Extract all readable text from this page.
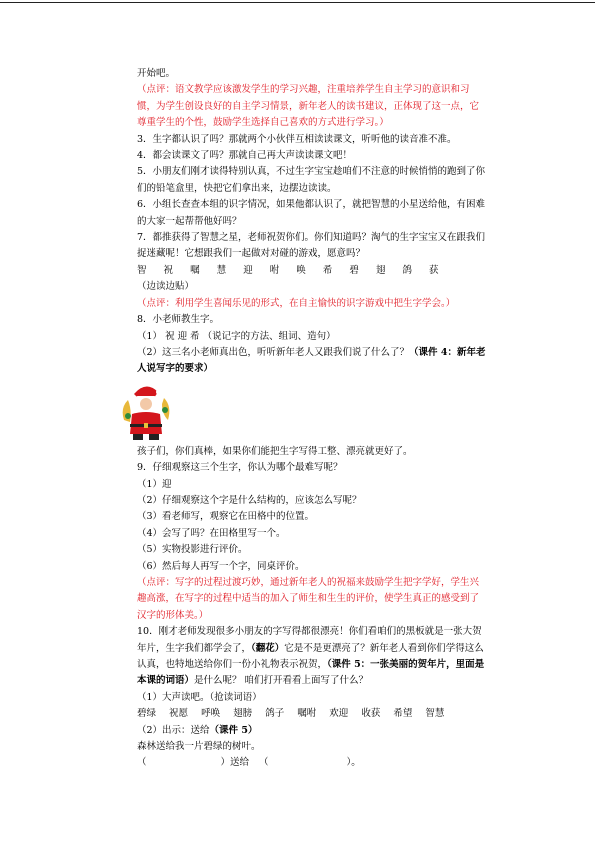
开始吧。

（点评：语文教学应该激发学生的学习兴趣，注重培养学生自主学习的意识和习惯，为学生创设良好的自主学习情景，新年老人的读书建议，正体现了这一点，它尊重学生的个性，鼓励学生选择自己喜欢的方式进行学习。）

3．生字都认识了吗？那就两个小伙伴互相读读课文，听听他的读音准不准。

4．都会读课文了吗？那就自己再大声读读课文吧！

5．小朋友们刚才读得特别认真，不过生字宝宝趁咱们不注意的时候悄悄的跑到了你们的铅笔盒里，快把它们拿出来，边摆边读读。

6．小组长查查本组的识字情况，如果他都认识了，就把智慧的小星送给他，有困难的大家一起帮帮他好吗？

7．都推获得了智慧之星，老师祝贺你们。你们知道吗？淘气的生字宝宝又在跟我们捉迷藏呢！它想跟我们一起做对对碰的游戏，愿意吗？

智 祝 嘱 慧 迎 咐 唤 希 碧 翅 鸽 获

（边读边贴）

（点评：利用学生喜闻乐见的形式，在自主愉快的识字游戏中把生字学会。）

8．小老师教生字。

（1） 祝 迎 希 （说记字的方法、组词、造句）

（2）这三名小老师真出色，听听新年老人又跟我们说了什么了？（课件 4：新年老人说写字的要求）

孩子们，你们真棒，如果你们能把生字写得工整、漂亮就更好了。

9．仔细观察这三个生字，你认为哪个最难写呢？

（1）迎

（2）仔细观察这个字是什么结构的，应该怎么写呢？

（3）看老师写，观察它在田格中的位置。

（4）会写了吗？在田格里写一个。

（5）实物投影进行评价。

（6）然后每人再写一个字，同桌评价。

（点评：写字的过程过渡巧妙，通过新年老人的祝福来鼓励学生把字学好，学生兴趣高涨，在写字的过程中适当的加入了师生和生生的评价，使学生真正的感受到了汉字的形体美。）

10．刚才老师发现很多小朋友的字写得都很漂亮！你们看咱们的黑板就是一张大贺年片，生字我们都学会了，（翻花）它是不是更漂亮了？新年老人看到你们学得这么认真，也特地送给你们一份小礼物表示祝贺，（课件 5：一张美丽的贺年片，里面是本课的词语）是什么呢？ 咱们打开看看上面写了什么？

（1）大声读吧。（抢读词语）

碧绿 祝愿 呼唤 翅膀 鸽子 嘱咐 欢迎 收获 希望 智慧

（2）出示：送给（课件 5）

森林送给我一片碧绿的树叶。

（	）送给 （	）。
